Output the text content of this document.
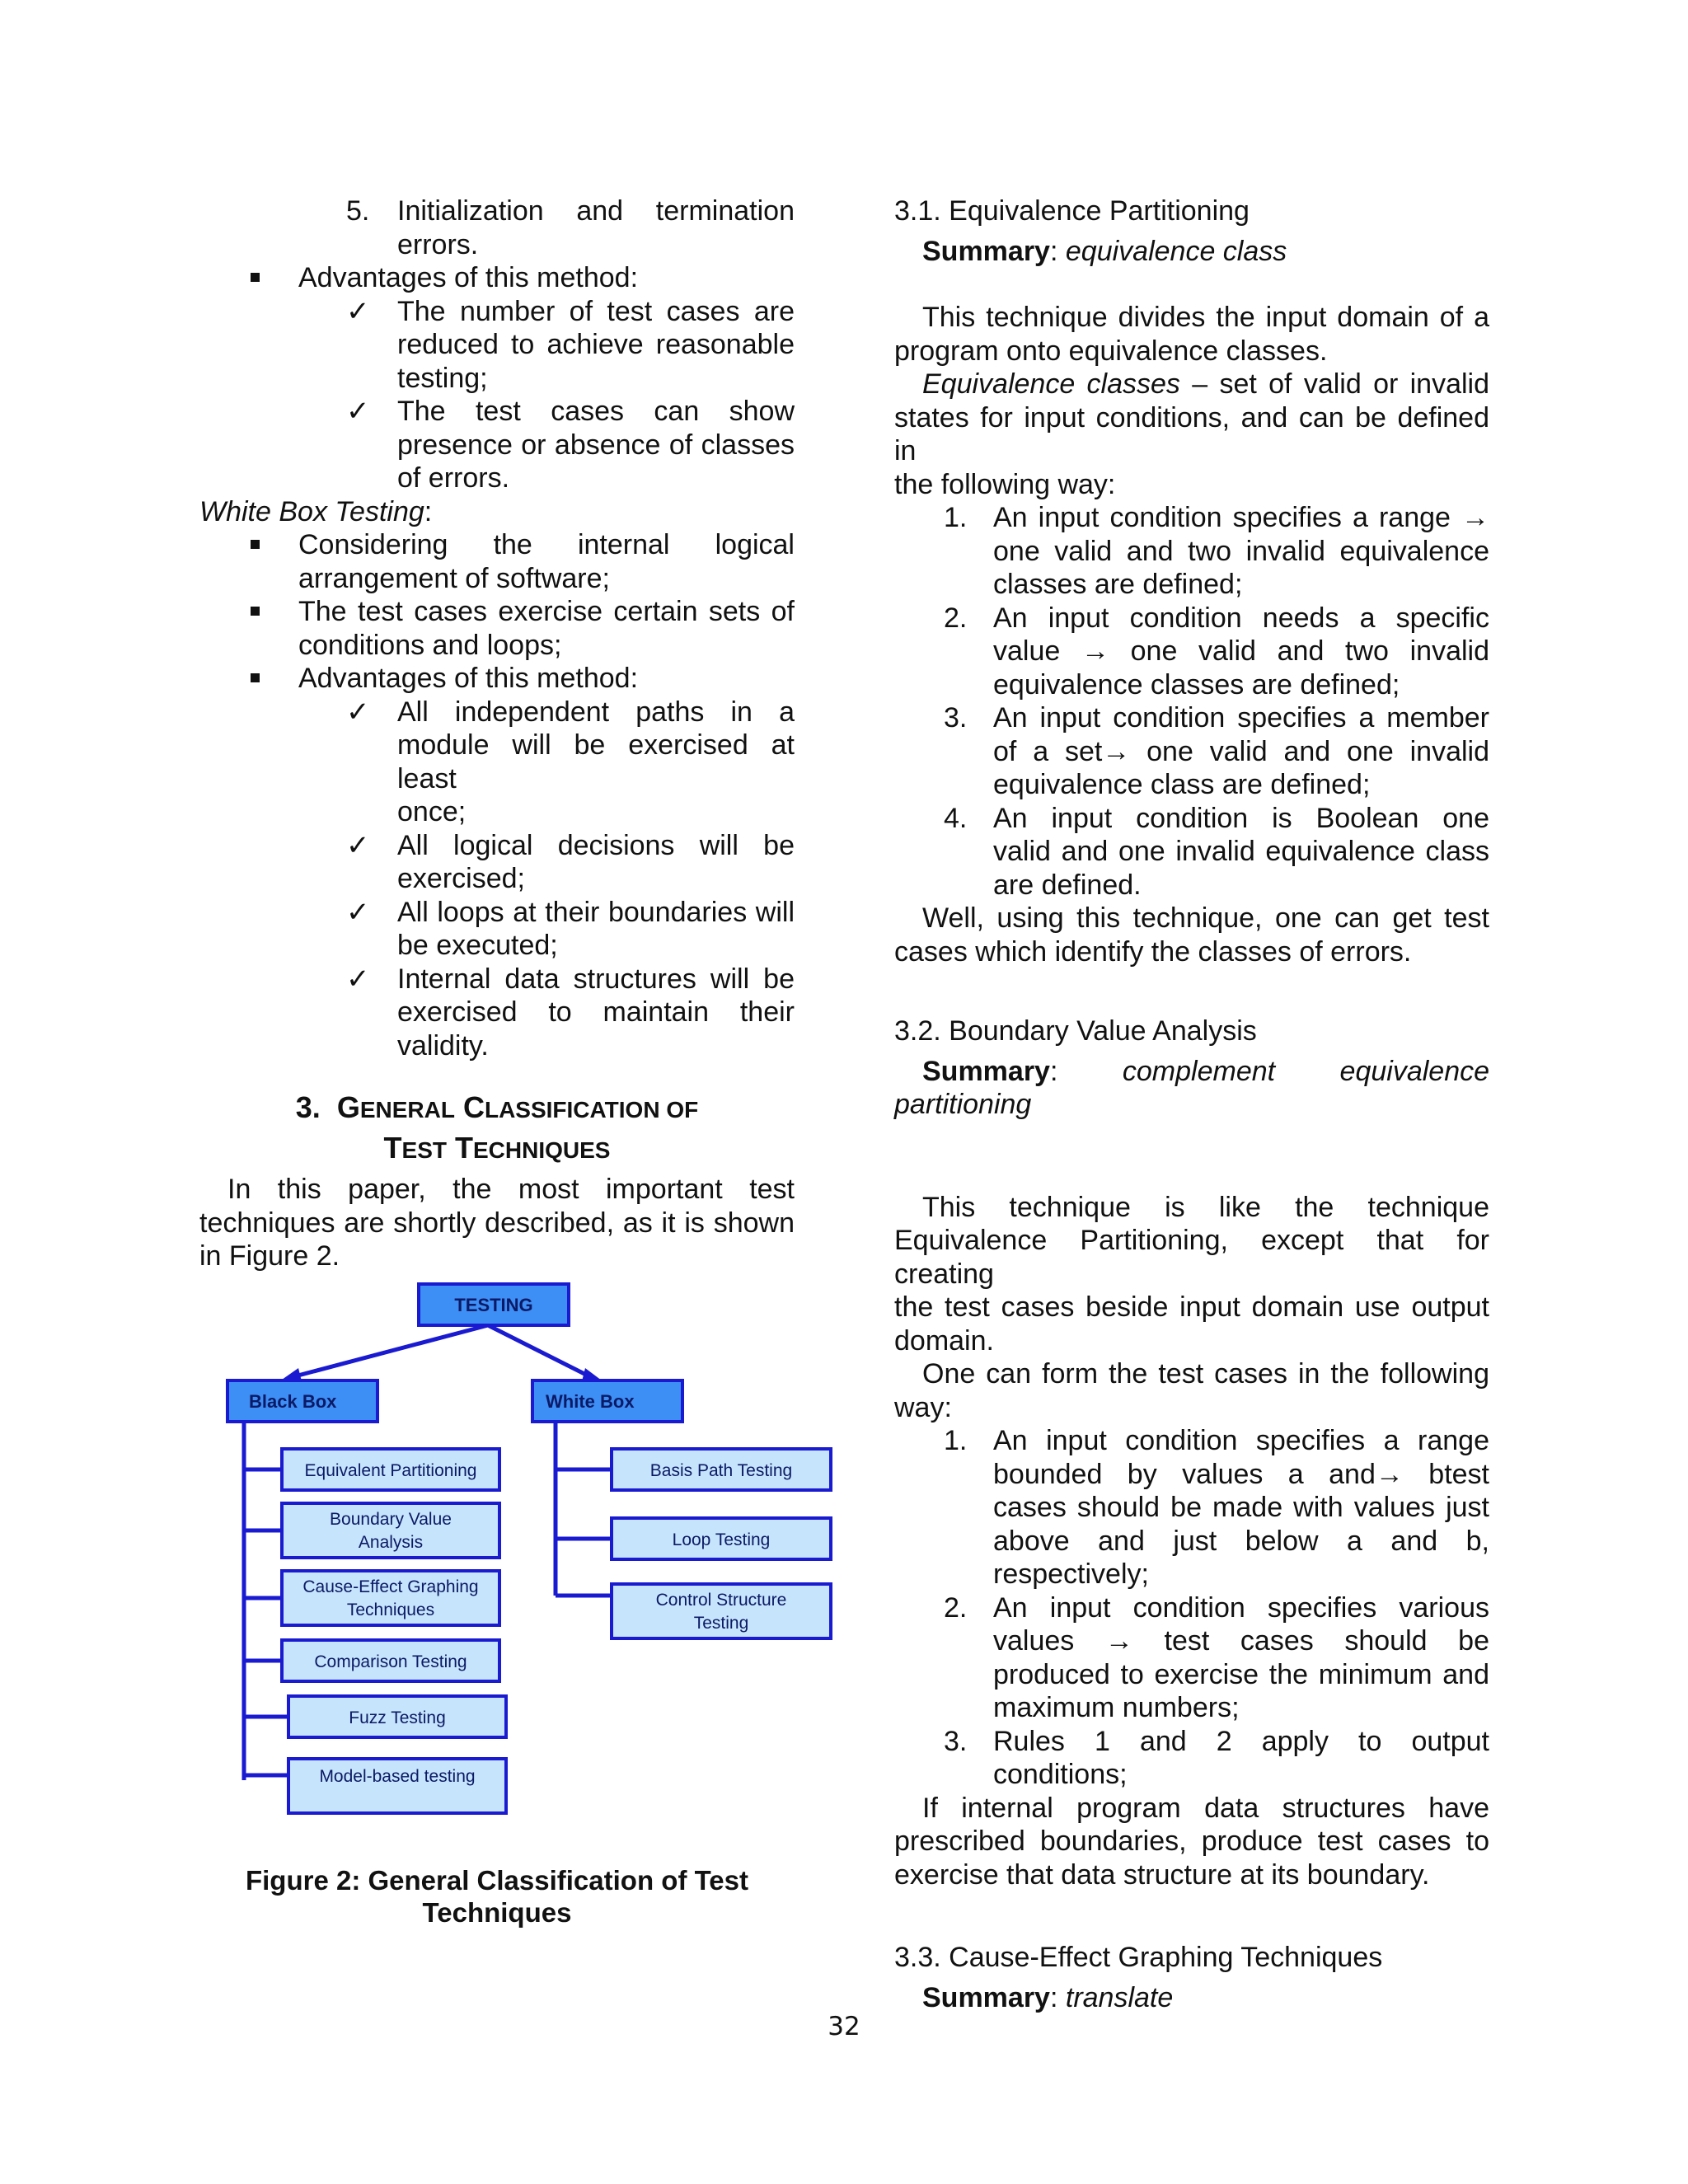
5. Initialization and termination
errors.
Advantages of this method:
✓ The number of test cases are
reduced to achieve reasonable
testing;
✓ The test cases can show
presence or absence of classes
of errors.
White Box Testing:
Considering the internal logical
arrangement of software;
The test cases exercise certain sets of
conditions and loops;
Advantages of this method:
✓ All independent paths in a
module will be exercised at least
once;
✓ All logical decisions will be
exercised;
✓ All loops at their boundaries will
be executed;
✓ Internal data structures will be
exercised to maintain their
validity.
3. GENERAL CLASSIFICATION OF
TEST TECHNIQUES
In this paper, the most important test
techniques are shortly described, as it is shown
in Figure 2.
TESTING
Black Box	White Box
Equivalent Partitioning
Boundary Value
Analysis
Cause-Effect Graphing
Techniques
Comparison Testing
Fuzz Testing
Model-based testing
Basis Path Testing
Loop Testing
Control Structure
Testing
Figure 2: General Classification of Test
Techniques
3.1. Equivalence Partitioning
Summary: equivalence class
This technique divides the input domain of a
program onto equivalence classes.
Equivalence classes – set of valid or invalid
states for input conditions, and can be defined in
the following way:
1. An input condition specifies a range →
one valid and two invalid equivalence
classes are defined;
2. An input condition needs a specific
value → one valid and two invalid
equivalence classes are defined;
3. An input condition specifies a member
of a set→ one valid and one invalid
equivalence class are defined;
4. An input condition is Boolean one
valid and one invalid equivalence class
are defined.
Well, using this technique, one can get test
cases which identify the classes of errors.
3.2. Boundary Value Analysis
Summary: complement equivalence
partitioning
This technique is like the technique
Equivalence Partitioning, except that for creating
the test cases beside input domain use output
domain.
One can form the test cases in the following
way:
1. An input condition specifies a range
bounded by values a and→ btest
cases should be made with values just
above and just below a and b,
respectively;
2. An input condition specifies various
values → test cases should be
produced to exercise the minimum and
maximum numbers;
3. Rules 1 and 2 apply to output
conditions;
If internal program data structures have
prescribed boundaries, produce test cases to
exercise that data structure at its boundary.
3.3. Cause-Effect Graphing Techniques
Summary: translate
32
